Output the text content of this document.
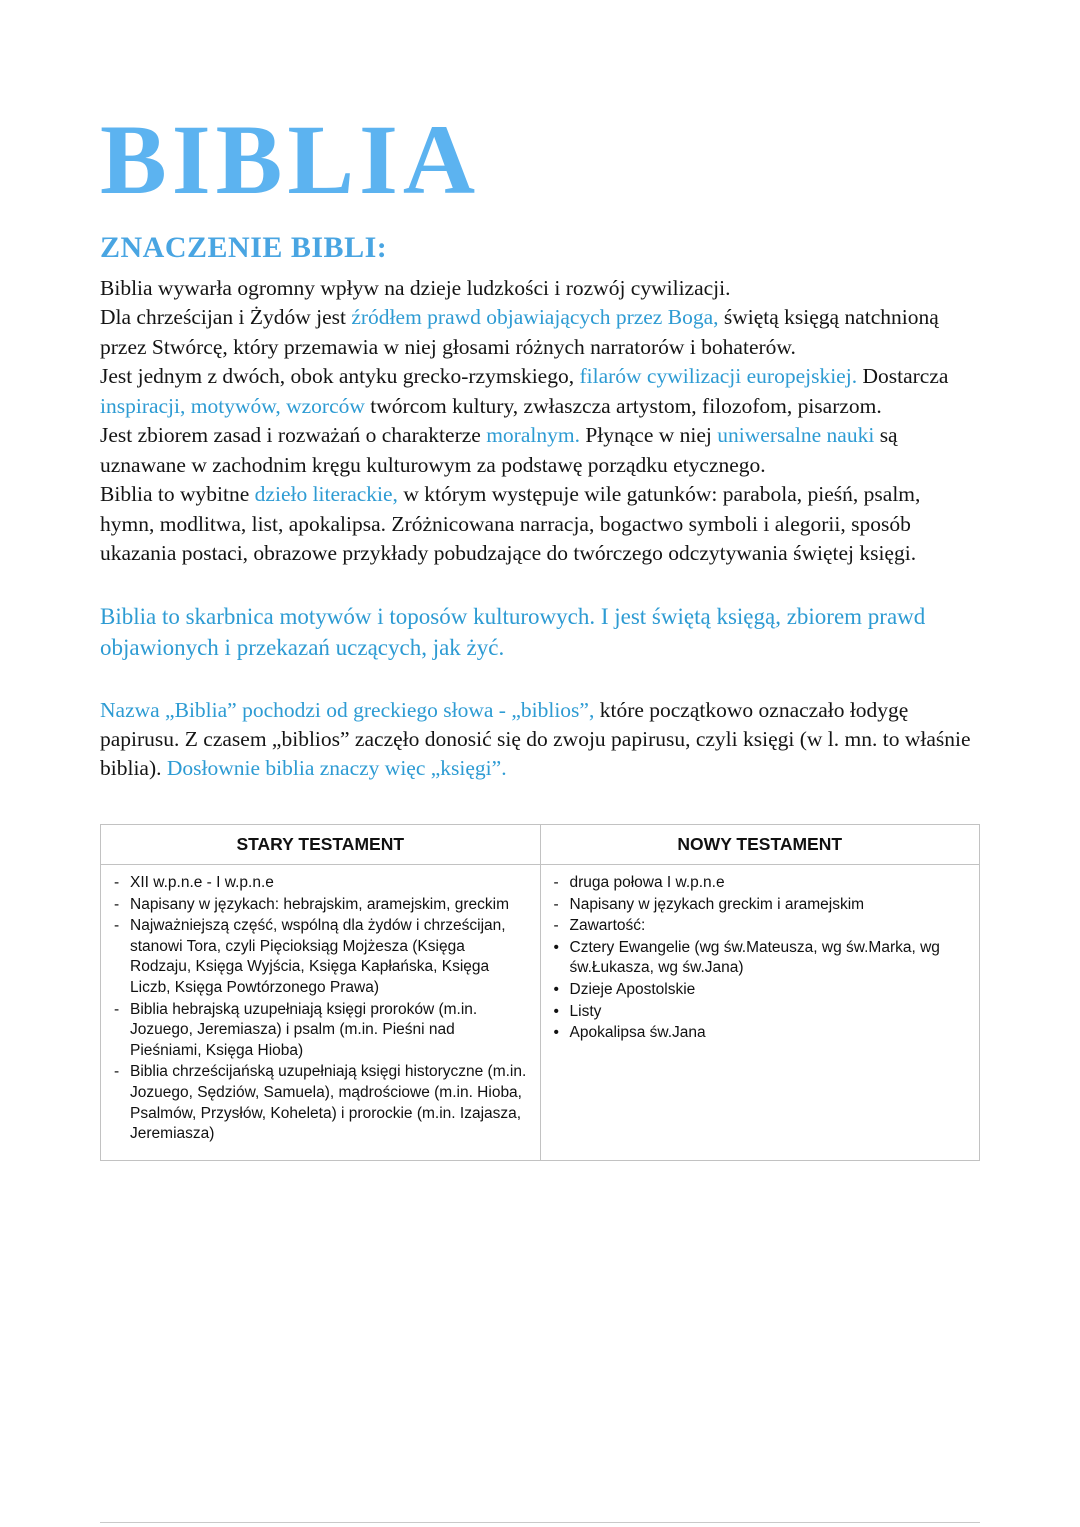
BIBLIA
ZNACZENIE BIBLI:

Biblia wywarła ogromny wpływ na dzieje ludzkości i rozwój cywilizacji.

Dla chrześcijan i Żydów jest źródłem prawd objawiających przez Boga, świętą księgą natchnioną przez Stwórcę, który przemawia w niej głosami różnych narratorów i bohaterów.

Jest jednym z dwóch, obok antyku grecko-rzymskiego, filarów cywilizacji europejskiej. Dostarcza inspiracji, motywów, wzorców twórcom kultury, zwłaszcza artystom, filozofom, pisarzom.

Jest zbiorem zasad i rozważań o charakterze moralnym. Płynące w niej uniwersalne nauki są uznawane w zachodnim kręgu kulturowym za podstawę porządku etycznego.

Biblia to wybitne dzieło literackie, w którym występuje wile gatunków: parabola, pieśń, psalm, hymn, modlitwa, list, apokalipsa. Zróżnicowana narracja, bogactwo symboli i alegorii, sposób ukazania postaci, obrazowe przykłady pobudzające do twórczego odczytywania świętej księgi.

Biblia to skarbnica motywów i toposów kulturowych. I jest świętą księgą, zbiorem prawd objawionych i przekazań uczących, jak żyć.

Nazwa „Biblia” pochodzi od greckiego słowa - „biblios”, które początkowo oznaczało łodygę papirusu. Z czasem „biblios” zaczęło donosić się do zwoju papirusu, czyli księgi (w l. mn. to właśnie biblia). Dosłownie biblia znaczy więc „księgi”.

STARY TESTAMENT	NOWY TESTAMENT

- XII w.p.n.e - I w.p.n.e
- Napisany w językach: hebrajskim, aramejskim, greckim
- Najważniejszą część, wspólną dla żydów i chrześcijan, stanowi Tora, czyli Pięcioksiąg Mojżesza (Księga Rodzaju, Księga Wyjścia, Księga Kapłańska, Księga Liczb, Księga Powtórzonego Prawa)
- Biblia hebrajską uzupełniają księgi proroków (m.in. Jozuego, Jeremiasza) i psalm (m.in. Pieśni nad Pieśniami, Księga Hioba)
- Biblia chrześcijańską uzupełniają księgi historyczne (m.in. Jozuego, Sędziów, Samuela), mądrościowe (m.in. Hioba, Psalmów, Przysłów, Koheleta) i prorockie (m.in. Izajasza, Jeremiasza)

- druga połowa I w.p.n.e
- Napisany w językach greckim i aramejskim
- Zawartość:
• Cztery Ewangelie (wg św.Mateusza, wg św.Marka, wg św.Łukasza, wg św.Jana)
• Dzieje Apostolskie
• Listy
• Apokalipsa św.Jana
